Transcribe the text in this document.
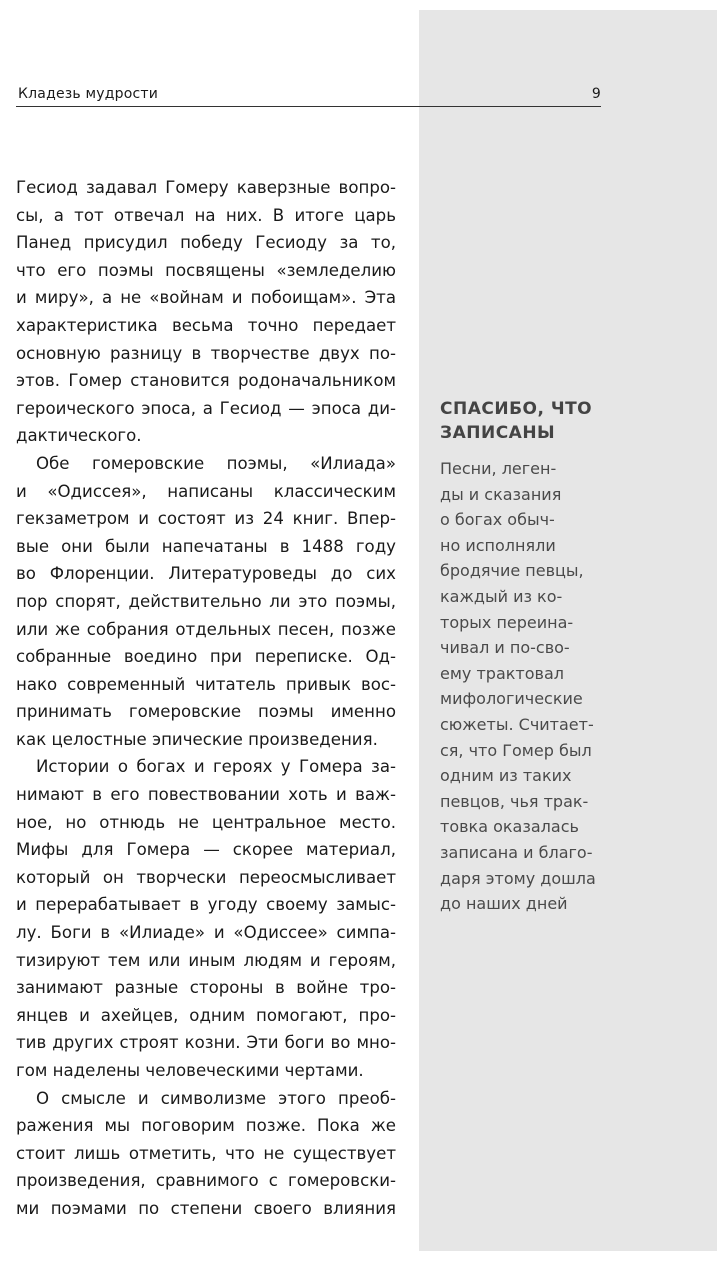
Кладезь мудрости	9
Гесиод задавал Гомеру каверзные вопро-
сы, а тот отвечал на них. В итоге царь
Панед присудил победу Гесиоду за то,
что его поэмы посвящены «земледелию
и миру», а не «войнам и побоищам». Эта
характеристика весьма точно передает
основную разницу в творчестве двух по-
этов. Гомер становится родоначальником
героического эпоса, а Гесиод — эпоса ди-
дактического.
Обе гомеровские поэмы, «Илиада»
и «Одиссея», написаны классическим
гекзаметром и состоят из 24 книг. Впер-
вые они были напечатаны в 1488 году
во Флоренции. Литературоведы до сих
пор спорят, действительно ли это поэмы,
или же собрания отдельных песен, позже
собранные воедино при переписке. Од-
нако современный читатель привык вос-
принимать гомеровские поэмы именно
как целостные эпические произведения.
Истории о богах и героях у Гомера за-
нимают в его повествовании хоть и важ-
ное, но отнюдь не центральное место.
Мифы для Гомера — скорее материал,
который он творчески переосмысливает
и перерабатывает в угоду своему замыс-
лу. Боги в «Илиаде» и «Одиссее» симпа-
тизируют тем или иным людям и героям,
занимают разные стороны в войне тро-
янцев и ахейцев, одним помогают, про-
тив других строят козни. Эти боги во мно-
гом наделены человеческими чертами.
О смысле и символизме этого преоб-
ражения мы поговорим позже. Пока же
стоит лишь отметить, что не существует
произведения, сравнимого с гомеровски-
ми поэмами по степени своего влияния
СПАСИБО, ЧТО
ЗАПИСАНЫ
Песни, леген-
ды и сказания
о богах обыч-
но исполняли
бродячие певцы,
каждый из ко-
торых переина-
чивал и по-сво-
ему трактовал
мифологические
сюжеты. Считает-
ся, что Гомер был
одним из таких
певцов, чья трак-
товка оказалась
записана и благо-
даря этому дошла
до наших дней
